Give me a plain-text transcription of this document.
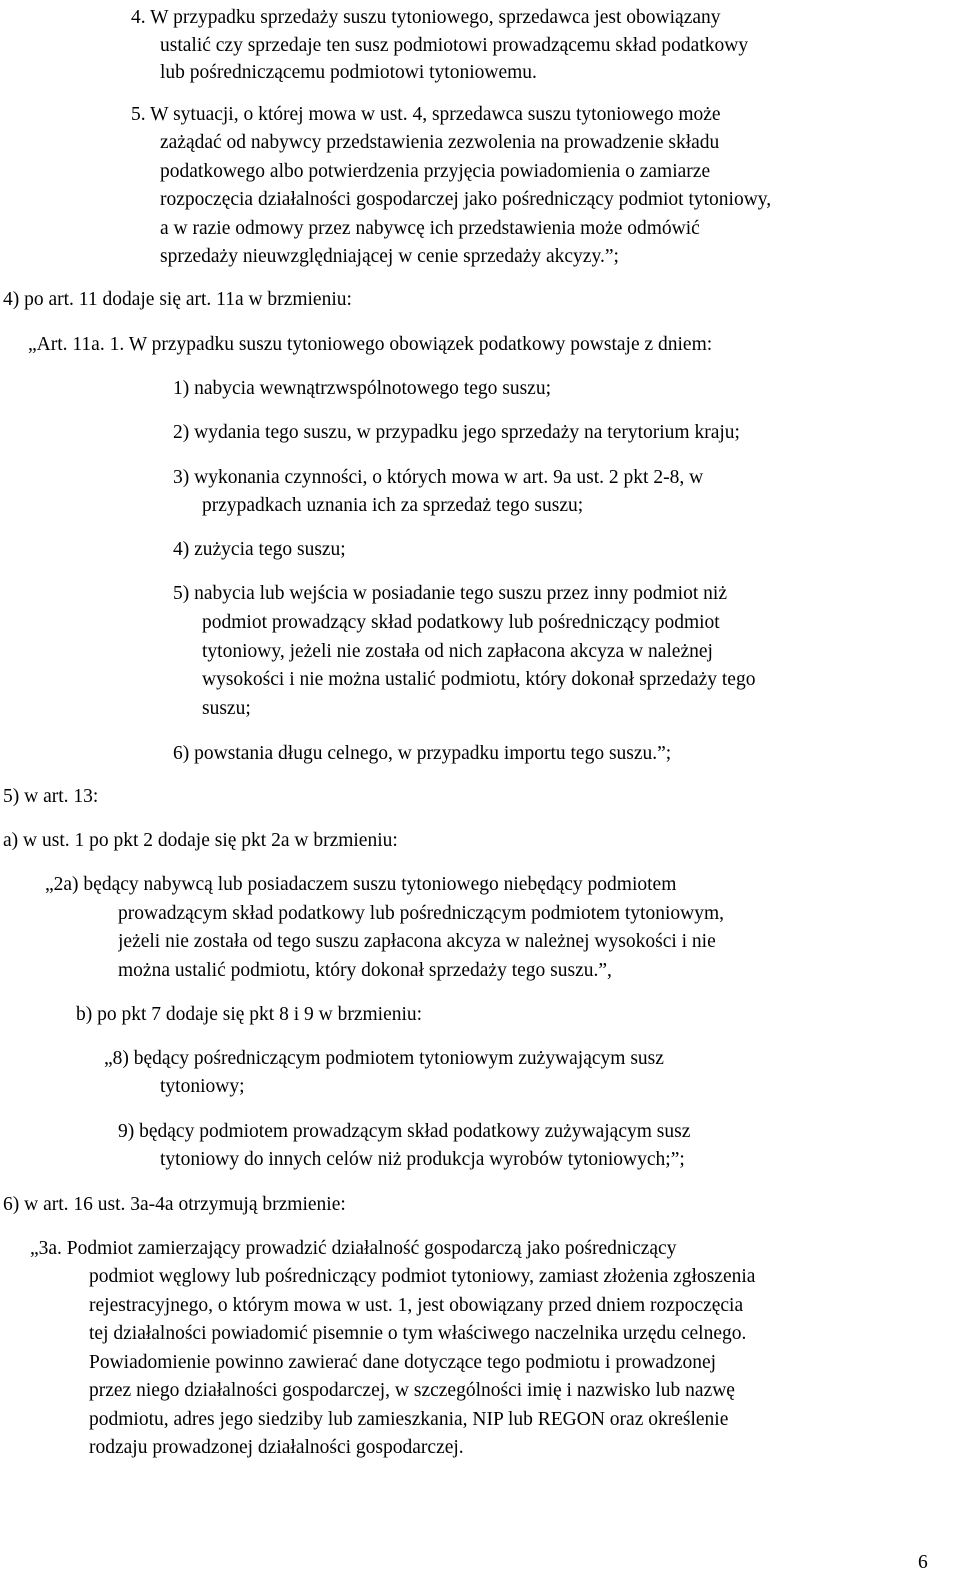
4. W przypadku sprzedaży suszu tytoniowego, sprzedawca jest obowiązany
ustalić czy sprzedaje ten susz podmiotowi prowadzącemu skład podatkowy
lub pośredniczącemu podmiotowi tytoniowemu.
5. W sytuacji, o której mowa w ust. 4, sprzedawca suszu tytoniowego może
zażądać od nabywcy przedstawienia zezwolenia na prowadzenie składu
podatkowego albo potwierdzenia przyjęcia powiadomienia o zamiarze
rozpoczęcia działalności gospodarczej jako pośredniczący podmiot tytoniowy,
a w razie odmowy przez nabywcę ich przedstawienia może odmówić
sprzedaży nieuwzględniającej w cenie sprzedaży akcyzy.”;
4) po art. 11 dodaje się art. 11a w brzmieniu:
„Art. 11a. 1. W przypadku suszu tytoniowego obowiązek podatkowy powstaje z dniem:
1) nabycia wewnątrzwspólnotowego tego suszu;
2) wydania tego suszu, w przypadku jego sprzedaży na terytorium kraju;
3) wykonania czynności, o których mowa w art. 9a ust. 2 pkt 2-8, w
przypadkach uznania ich za sprzedaż tego suszu;
4) zużycia tego suszu;
5) nabycia lub wejścia w posiadanie tego suszu przez inny podmiot niż
podmiot prowadzący skład podatkowy lub pośredniczący podmiot
tytoniowy, jeżeli nie została od nich zapłacona akcyza w należnej
wysokości i nie można ustalić podmiotu, który dokonał sprzedaży tego
suszu;
6) powstania długu celnego, w przypadku importu tego suszu.”;
5) w art. 13:
a) w ust. 1 po pkt 2 dodaje się pkt 2a w brzmieniu:
„2a) będący nabywcą lub posiadaczem suszu tytoniowego niebędący podmiotem
prowadzącym skład podatkowy lub pośredniczącym podmiotem tytoniowym,
jeżeli nie została od tego suszu zapłacona akcyza w należnej wysokości i nie
można ustalić podmiotu, który dokonał sprzedaży tego suszu.”,
b) po pkt 7 dodaje się pkt 8 i 9 w brzmieniu:
„8) będący pośredniczącym podmiotem tytoniowym zużywającym susz
tytoniowy;
9) będący podmiotem prowadzącym skład podatkowy zużywającym susz
tytoniowy do innych celów niż produkcja wyrobów tytoniowych;”;
6) w art. 16 ust. 3a-4a otrzymują brzmienie:
„3a. Podmiot zamierzający prowadzić działalność gospodarczą jako pośredniczący
podmiot węglowy lub pośredniczący podmiot tytoniowy, zamiast złożenia zgłoszenia
rejestracyjnego, o którym mowa w ust. 1, jest obowiązany przed dniem rozpoczęcia
tej działalności powiadomić pisemnie o tym właściwego naczelnika urzędu celnego.
Powiadomienie powinno zawierać dane dotyczące tego podmiotu i prowadzonej
przez niego działalności gospodarczej, w szczególności imię i nazwisko lub nazwę
podmiotu, adres jego siedziby lub zamieszkania, NIP lub REGON oraz określenie
rodzaju prowadzonej działalności gospodarczej.
6
